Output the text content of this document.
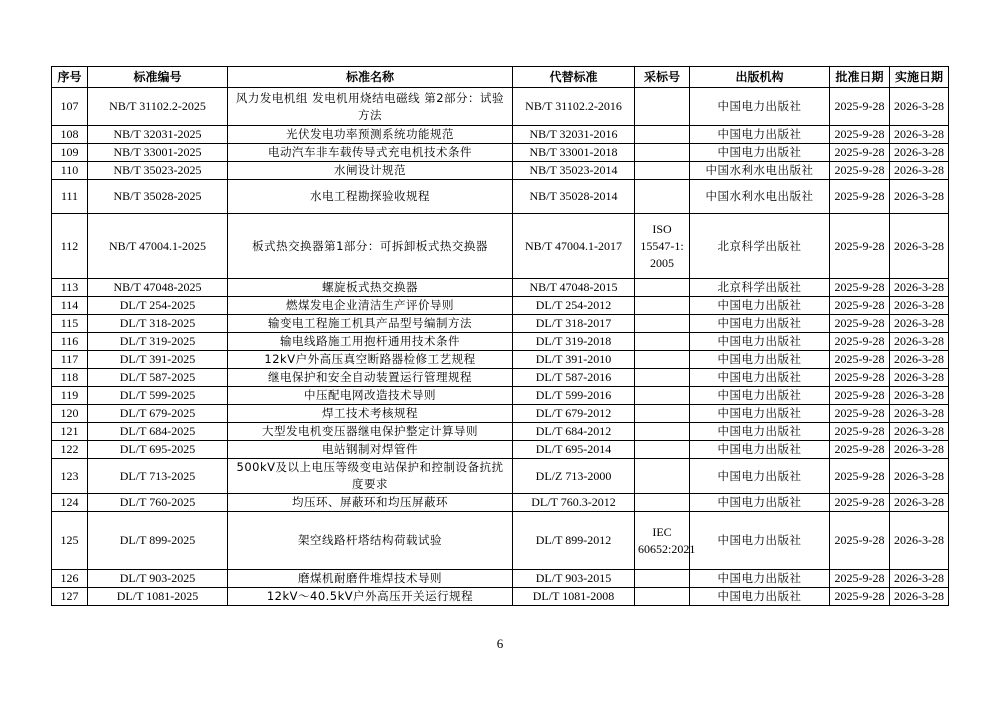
序号	标准编号	标准名称	代替标准	采标号	出版机构	批准日期	实施日期
107	NB/T 31102.2-2025	风力发电机组 发电机用烧结电磁线 第2部分：试验方法	NB/T 31102.2-2016		中国电力出版社	2025-9-28	2026-3-28
108	NB/T 32031-2025	光伏发电功率预测系统功能规范	NB/T 32031-2016		中国电力出版社	2025-9-28	2026-3-28
109	NB/T 33001-2025	电动汽车非车载传导式充电机技术条件	NB/T 33001-2018		中国电力出版社	2025-9-28	2026-3-28
110	NB/T 35023-2025	水闸设计规范	NB/T 35023-2014		中国水利水电出版社	2025-9-28	2026-3-28
111	NB/T 35028-2025	水电工程勘探验收规程	NB/T 35028-2014		中国水利水电出版社	2025-9-28	2026-3-28
112	NB/T 47004.1-2025	板式热交换器第1部分：可拆卸板式热交换器	NB/T 47004.1-2017	ISO 15547-1: 2005	北京科学出版社	2025-9-28	2026-3-28
113	NB/T 47048-2025	螺旋板式热交换器	NB/T 47048-2015		北京科学出版社	2025-9-28	2026-3-28
114	DL/T 254-2025	燃煤发电企业清洁生产评价导则	DL/T 254-2012		中国电力出版社	2025-9-28	2026-3-28
115	DL/T 318-2025	输变电工程施工机具产品型号编制方法	DL/T 318-2017		中国电力出版社	2025-9-28	2026-3-28
116	DL/T 319-2025	输电线路施工用抱杆通用技术条件	DL/T 319-2018		中国电力出版社	2025-9-28	2026-3-28
117	DL/T 391-2025	12kV户外高压真空断路器检修工艺规程	DL/T 391-2010		中国电力出版社	2025-9-28	2026-3-28
118	DL/T 587-2025	继电保护和安全自动装置运行管理规程	DL/T 587-2016		中国电力出版社	2025-9-28	2026-3-28
119	DL/T 599-2025	中压配电网改造技术导则	DL/T 599-2016		中国电力出版社	2025-9-28	2026-3-28
120	DL/T 679-2025	焊工技术考核规程	DL/T 679-2012		中国电力出版社	2025-9-28	2026-3-28
121	DL/T 684-2025	大型发电机变压器继电保护整定计算导则	DL/T 684-2012		中国电力出版社	2025-9-28	2026-3-28
122	DL/T 695-2025	电站钢制对焊管件	DL/T 695-2014		中国电力出版社	2025-9-28	2026-3-28
123	DL/T 713-2025	500kV及以上电压等级变电站保护和控制设备抗扰度要求	DL/Z 713-2000		中国电力出版社	2025-9-28	2026-3-28
124	DL/T 760-2025	均压环、屏蔽环和均压屏蔽环	DL/T 760.3-2012		中国电力出版社	2025-9-28	2026-3-28
125	DL/T 899-2025	架空线路杆塔结构荷载试验	DL/T 899-2012	IEC 60652:2021	中国电力出版社	2025-9-28	2026-3-28
126	DL/T 903-2025	磨煤机耐磨件堆焊技术导则	DL/T 903-2015		中国电力出版社	2025-9-28	2026-3-28
127	DL/T 1081-2025	12kV～40.5kV户外高压开关运行规程	DL/T 1081-2008		中国电力出版社	2025-9-28	2026-3-28
6
